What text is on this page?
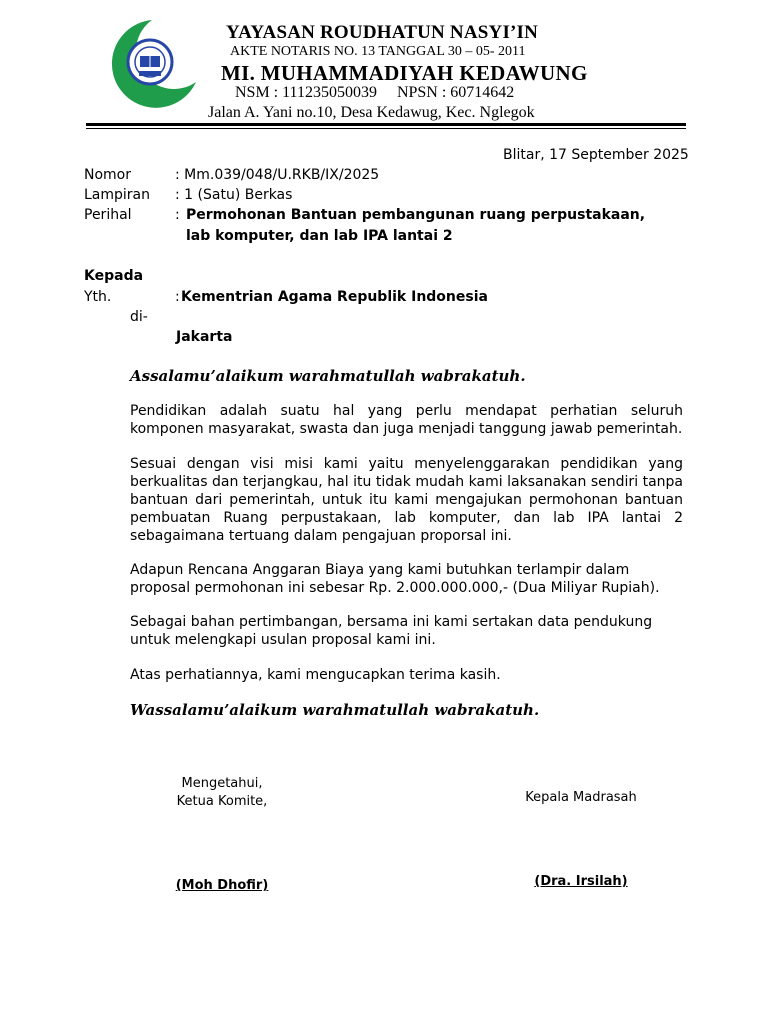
YAYASAN ROUDHATUN NASYI’IN
AKTE NOTARIS NO. 13 TANGGAL 30 – 05- 2011
MI. MUHAMMADIYAH KEDAWUNG
NSM : 111235050039     NPSN : 60714642
Jalan A. Yani no.10, Desa Kedawug, Kec. Nglegok
Blitar, 17 September 2025
Nomor	: Mm.039/048/U.RKB/IX/2025
Lampiran : 1 (Satu) Berkas
Perihal	: Permohonan Bantuan pembangunan ruang perpustakaan,
lab komputer, dan lab IPA lantai 2
Kepada
Yth.	: Kementrian Agama Republik Indonesia
di-
Jakarta
Assalamu’alaikum warahmatullah wabrakatuh.
Pendidikan adalah suatu hal yang perlu mendapat perhatian seluruh komponen masyarakat, swasta dan juga menjadi tanggung jawab pemerintah.
Sesuai dengan visi misi kami yaitu menyelenggarakan pendidikan yang berkualitas dan terjangkau, hal itu tidak mudah kami laksanakan sendiri tanpa bantuan dari pemerintah, untuk itu kami mengajukan permohonan bantuan pembuatan Ruang perpustakaan, lab komputer, dan lab IPA lantai 2 sebagaimana tertuang dalam pengajuan proporsal ini.
Adapun Rencana Anggaran Biaya yang kami butuhkan terlampir dalam proposal permohonan ini sebesar Rp. 2.000.000.000,- (Dua Miliyar Rupiah).
Sebagai bahan pertimbangan, bersama ini kami sertakan data pendukung untuk melengkapi usulan proposal kami ini.
Atas perhatiannya, kami mengucapkan terima kasih.
Wassalamu’alaikum warahmatullah wabrakatuh.
Mengetahui,
Ketua Komite,
(Moh Dhofir)
Kepala Madrasah
(Dra. Irsilah)
